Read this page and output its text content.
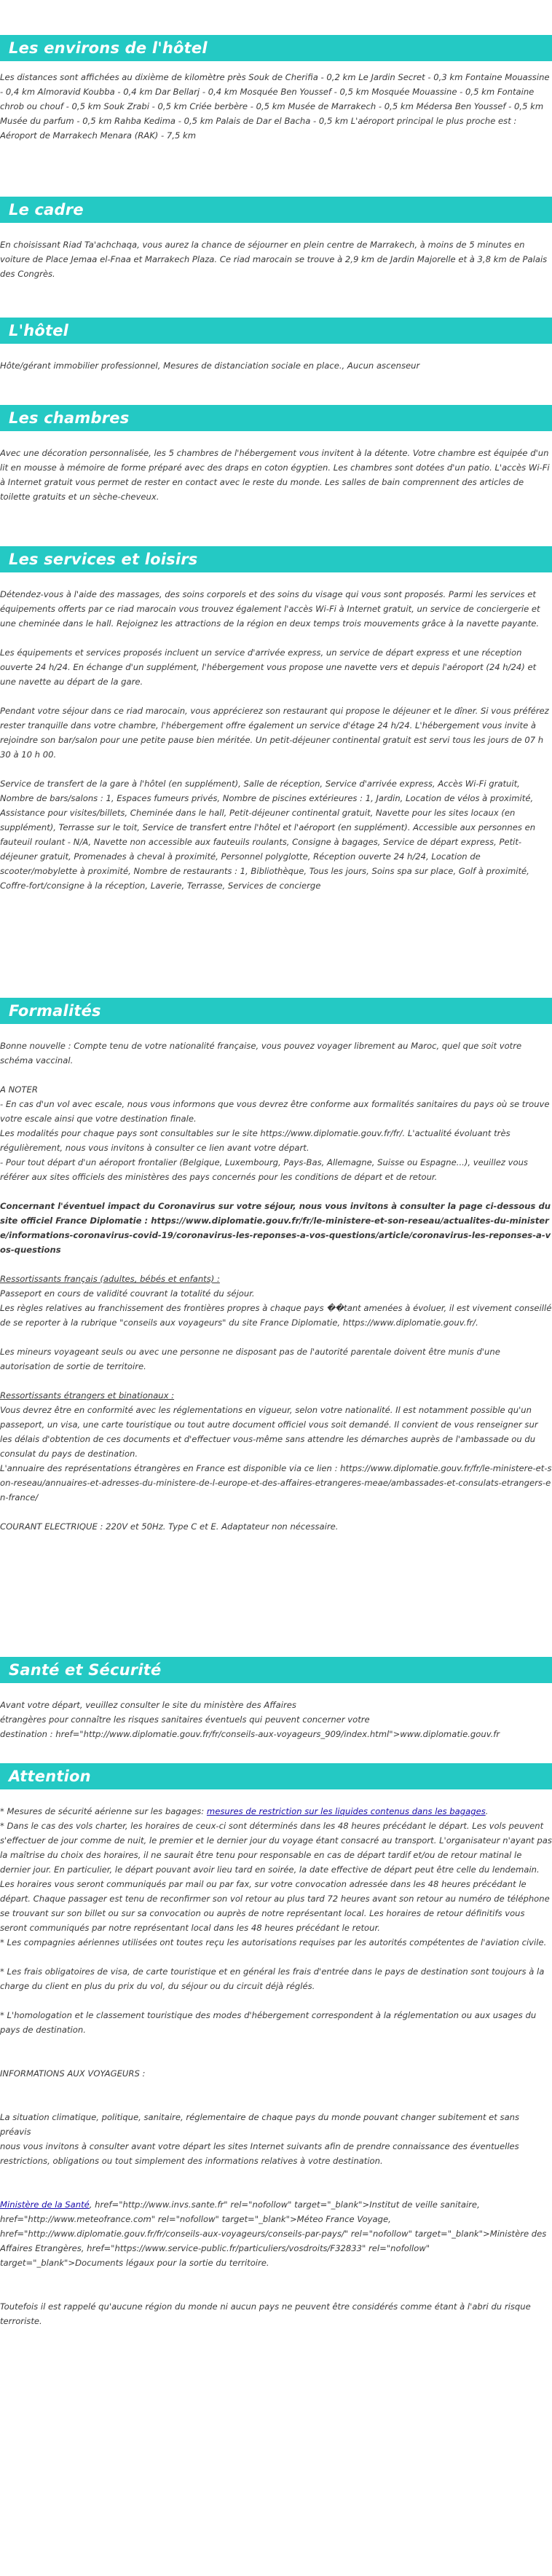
Les environs de l'hôtel

Les distances sont affichées au dixième de kilomètre près Souk de Cherifia - 0,2 km Le Jardin Secret - 0,3 km Fontaine Mouassine - 0,4 km Almoravid Koubba - 0,4 km Dar Bellarj - 0,4 km Mosquée Ben Youssef - 0,5 km Mosquée Mouassine - 0,5 km Fontaine chrob ou chouf - 0,5 km Souk Zrabi - 0,5 km Criée berbère - 0,5 km Musée de Marrakech - 0,5 km Médersa Ben Youssef - 0,5 km Musée du parfum - 0,5 km Rahba Kedima - 0,5 km Palais de Dar el Bacha - 0,5 km L'aéroport principal le plus proche est : Aéroport de Marrakech Menara (RAK) - 7,5 km

Le cadre

En choisissant Riad Ta'achchaqa, vous aurez la chance de séjourner en plein centre de Marrakech, à moins de 5 minutes en voiture de Place Jemaa el-Fnaa et Marrakech Plaza. Ce riad marocain se trouve à 2,9 km de Jardin Majorelle et à 3,8 km de Palais des Congrès.

L'hôtel

Hôte/gérant immobilier professionnel, Mesures de distanciation sociale en place., Aucun ascenseur

Les chambres

Avec une décoration personnalisée, les 5 chambres de l'hébergement vous invitent à la détente. Votre chambre est équipée d'un lit en mousse à mémoire de forme préparé avec des draps en coton égyptien. Les chambres sont dotées d'un patio. L'accès Wi-Fi à Internet gratuit vous permet de rester en contact avec le reste du monde. Les salles de bain comprennent des articles de toilette gratuits et un sèche-cheveux.

Les services et loisirs

Détendez-vous à l'aide des massages, des soins corporels et des soins du visage qui vous sont proposés. Parmi les services et équipements offerts par ce riad marocain vous trouvez également l'accès Wi-Fi à Internet gratuit, un service de conciergerie et une cheminée dans le hall. Rejoignez les attractions de la région en deux temps trois mouvements grâce à la navette payante.

Les équipements et services proposés incluent un service d'arrivée express, un service de départ express et une réception ouverte 24 h/24. En échange d'un supplément, l'hébergement vous propose une navette vers et depuis l'aéroport (24 h/24) et une navette au départ de la gare.

Pendant votre séjour dans ce riad marocain, vous apprécierez son restaurant qui propose le déjeuner et le dîner. Si vous préférez rester tranquille dans votre chambre, l'hébergement offre également un service d'étage 24 h/24. L'hébergement vous invite à rejoindre son bar/salon pour une petite pause bien méritée. Un petit-déjeuner continental gratuit est servi tous les jours de 07 h 30 à 10 h 00.

Service de transfert de la gare à l'hôtel (en supplément), Salle de réception, Service d'arrivée express, Accès Wi-Fi gratuit, Nombre de bars/salons : 1, Espaces fumeurs privés, Nombre de piscines extérieures : 1, Jardin, Location de vélos à proximité, Assistance pour visites/billets, Cheminée dans le hall, Petit-déjeuner continental gratuit, Navette pour les sites locaux (en supplément), Terrasse sur le toit, Service de transfert entre l'hôtel et l'aéroport (en supplément). Accessible aux personnes en fauteuil roulant - N/A, Navette non accessible aux fauteuils roulants, Consigne à bagages, Service de départ express, Petit-déjeuner gratuit, Promenades à cheval à proximité, Personnel polyglotte, Réception ouverte 24 h/24, Location de scooter/mobylette à proximité, Nombre de restaurants : 1, Bibliothèque, Tous les jours, Soins spa sur place, Golf à proximité, Coffre-fort/consigne à la réception, Laverie, Terrasse, Services de concierge

Formalités

Bonne nouvelle : Compte tenu de votre nationalité française, vous pouvez voyager librement au Maroc, quel que soit votre schéma vaccinal.

A NOTER

- En cas d'un vol avec escale, nous vous informons que vous devrez être conforme aux formalités sanitaires du pays où se trouve votre escale ainsi que votre destination finale.

Les modalités pour chaque pays sont consultables sur le site https://www.diplomatie.gouv.fr/fr/. L'actualité évoluant très régulièrement, nous vous invitons à consulter ce lien avant votre départ.

- Pour tout départ d'un aéroport frontalier (Belgique, Luxembourg, Pays-Bas, Allemagne, Suisse ou Espagne...), veuillez vous référer aux sites officiels des ministères des pays concernés pour les conditions de départ et de retour.

Concernant l'éventuel impact du Coronavirus sur votre séjour, nous vous invitons à consulter la page ci-dessous du site officiel France Diplomatie : https://www.diplomatie.gouv.fr/fr/le-ministere-et-son-reseau/actualites-du-ministere/informations-coronavirus-covid-19/coronavirus-les-reponses-a-vos-questions/article/coronavirus-les-reponses-a-vos-questions

Ressortissants français (adultes, bébés et enfants) :

Passeport en cours de validité couvrant la totalité du séjour.

Les règles relatives au franchissement des frontières propres à chaque pays ��tant amenées à évoluer, il est vivement conseillé de se reporter à la rubrique "conseils aux voyageurs" du site France Diplomatie, https://www.diplomatie.gouv.fr/.

Les mineurs voyageant seuls ou avec une personne ne disposant pas de l'autorité parentale doivent être munis d'une autorisation de sortie de territoire.

Ressortissants étrangers et binationaux :

Vous devrez être en conformité avec les réglementations en vigueur, selon votre nationalité. Il est notamment possible qu'un passeport, un visa, une carte touristique ou tout autre document officiel vous soit demandé. Il convient de vous renseigner sur les délais d'obtention de ces documents et d'effectuer vous-même sans attendre les démarches auprès de l'ambassade ou du consulat du pays de destination.

L'annuaire des représentations étrangères en France est disponible via ce lien : https://www.diplomatie.gouv.fr/fr/le-ministere-et-son-reseau/annuaires-et-adresses-du-ministere-de-l-europe-et-des-affaires-etrangeres-meae/ambassades-et-consulats-etrangers-en-france/

COURANT ELECTRIQUE : 220V et 50Hz. Type C et E. Adaptateur non nécessaire.

Santé et Sécurité

Avant votre départ, veuillez consulter le site du ministère des Affaires

étrangères pour connaître les risques sanitaires éventuels qui peuvent concerner votre

destination : href="http://www.diplomatie.gouv.fr/fr/conseils-aux-voyageurs_909/index.html">www.diplomatie.gouv.fr

Attention

* Mesures de sécurité aérienne sur les bagages: mesures de restriction sur les liquides contenus dans les bagages.

* Dans le cas des vols charter, les horaires de ceux-ci sont déterminés dans les 48 heures précédant le départ. Les vols peuvent s'effectuer de jour comme de nuit, le premier et le dernier jour du voyage étant consacré au transport. L'organisateur n'ayant pas la maîtrise du choix des horaires, il ne saurait être tenu pour responsable en cas de départ tardif et/ou de retour matinal le dernier jour. En particulier, le départ pouvant avoir lieu tard en soirée, la date effective de départ peut être celle du lendemain. Les horaires vous seront communiqués par mail ou par fax, sur votre convocation adressée dans les 48 heures précédant le départ. Chaque passager est tenu de reconfirmer son vol retour au plus tard 72 heures avant son retour au numéro de téléphone se trouvant sur son billet ou sur sa convocation ou auprès de notre représentant local. Les horaires de retour définitifs vous seront communiqués par notre représentant local dans les 48 heures précédant le retour.

* Les compagnies aériennes utilisées ont toutes reçu les autorisations requises par les autorités compétentes de l'aviation civile.

* Les frais obligatoires de visa, de carte touristique et en général les frais d'entrée dans le pays de destination sont toujours à la charge du client en plus du prix du vol, du séjour ou du circuit déjà réglés.

* L'homologation et le classement touristique des modes d'hébergement correspondent à la réglementation ou aux usages du pays de destination.

INFORMATIONS AUX VOYAGEURS :

La situation climatique, politique, sanitaire, réglementaire de chaque pays du monde pouvant changer subitement et sans préavis

nous vous invitons à consulter avant votre départ les sites Internet suivants afin de prendre connaissance des éventuelles restrictions, obligations ou tout simplement des informations relatives à votre destination.

Ministère de la Santé, href="http://www.invs.sante.fr" rel="nofollow" target="_blank">Institut de veille sanitaire, href="http://www.meteofrance.com" rel="nofollow" target="_blank">Méteo France Voyage, href="http://www.diplomatie.gouv.fr/fr/conseils-aux-voyageurs/conseils-par-pays/" rel="nofollow" target="_blank">Ministère des Affaires Etrangères, href="https://www.service-public.fr/particuliers/vosdroits/F32833" rel="nofollow" target="_blank">Documents légaux pour la sortie du territoire.

Toutefois il est rappelé qu'aucune région du monde ni aucun pays ne peuvent être considérés comme étant à l'abri du risque terroriste.
